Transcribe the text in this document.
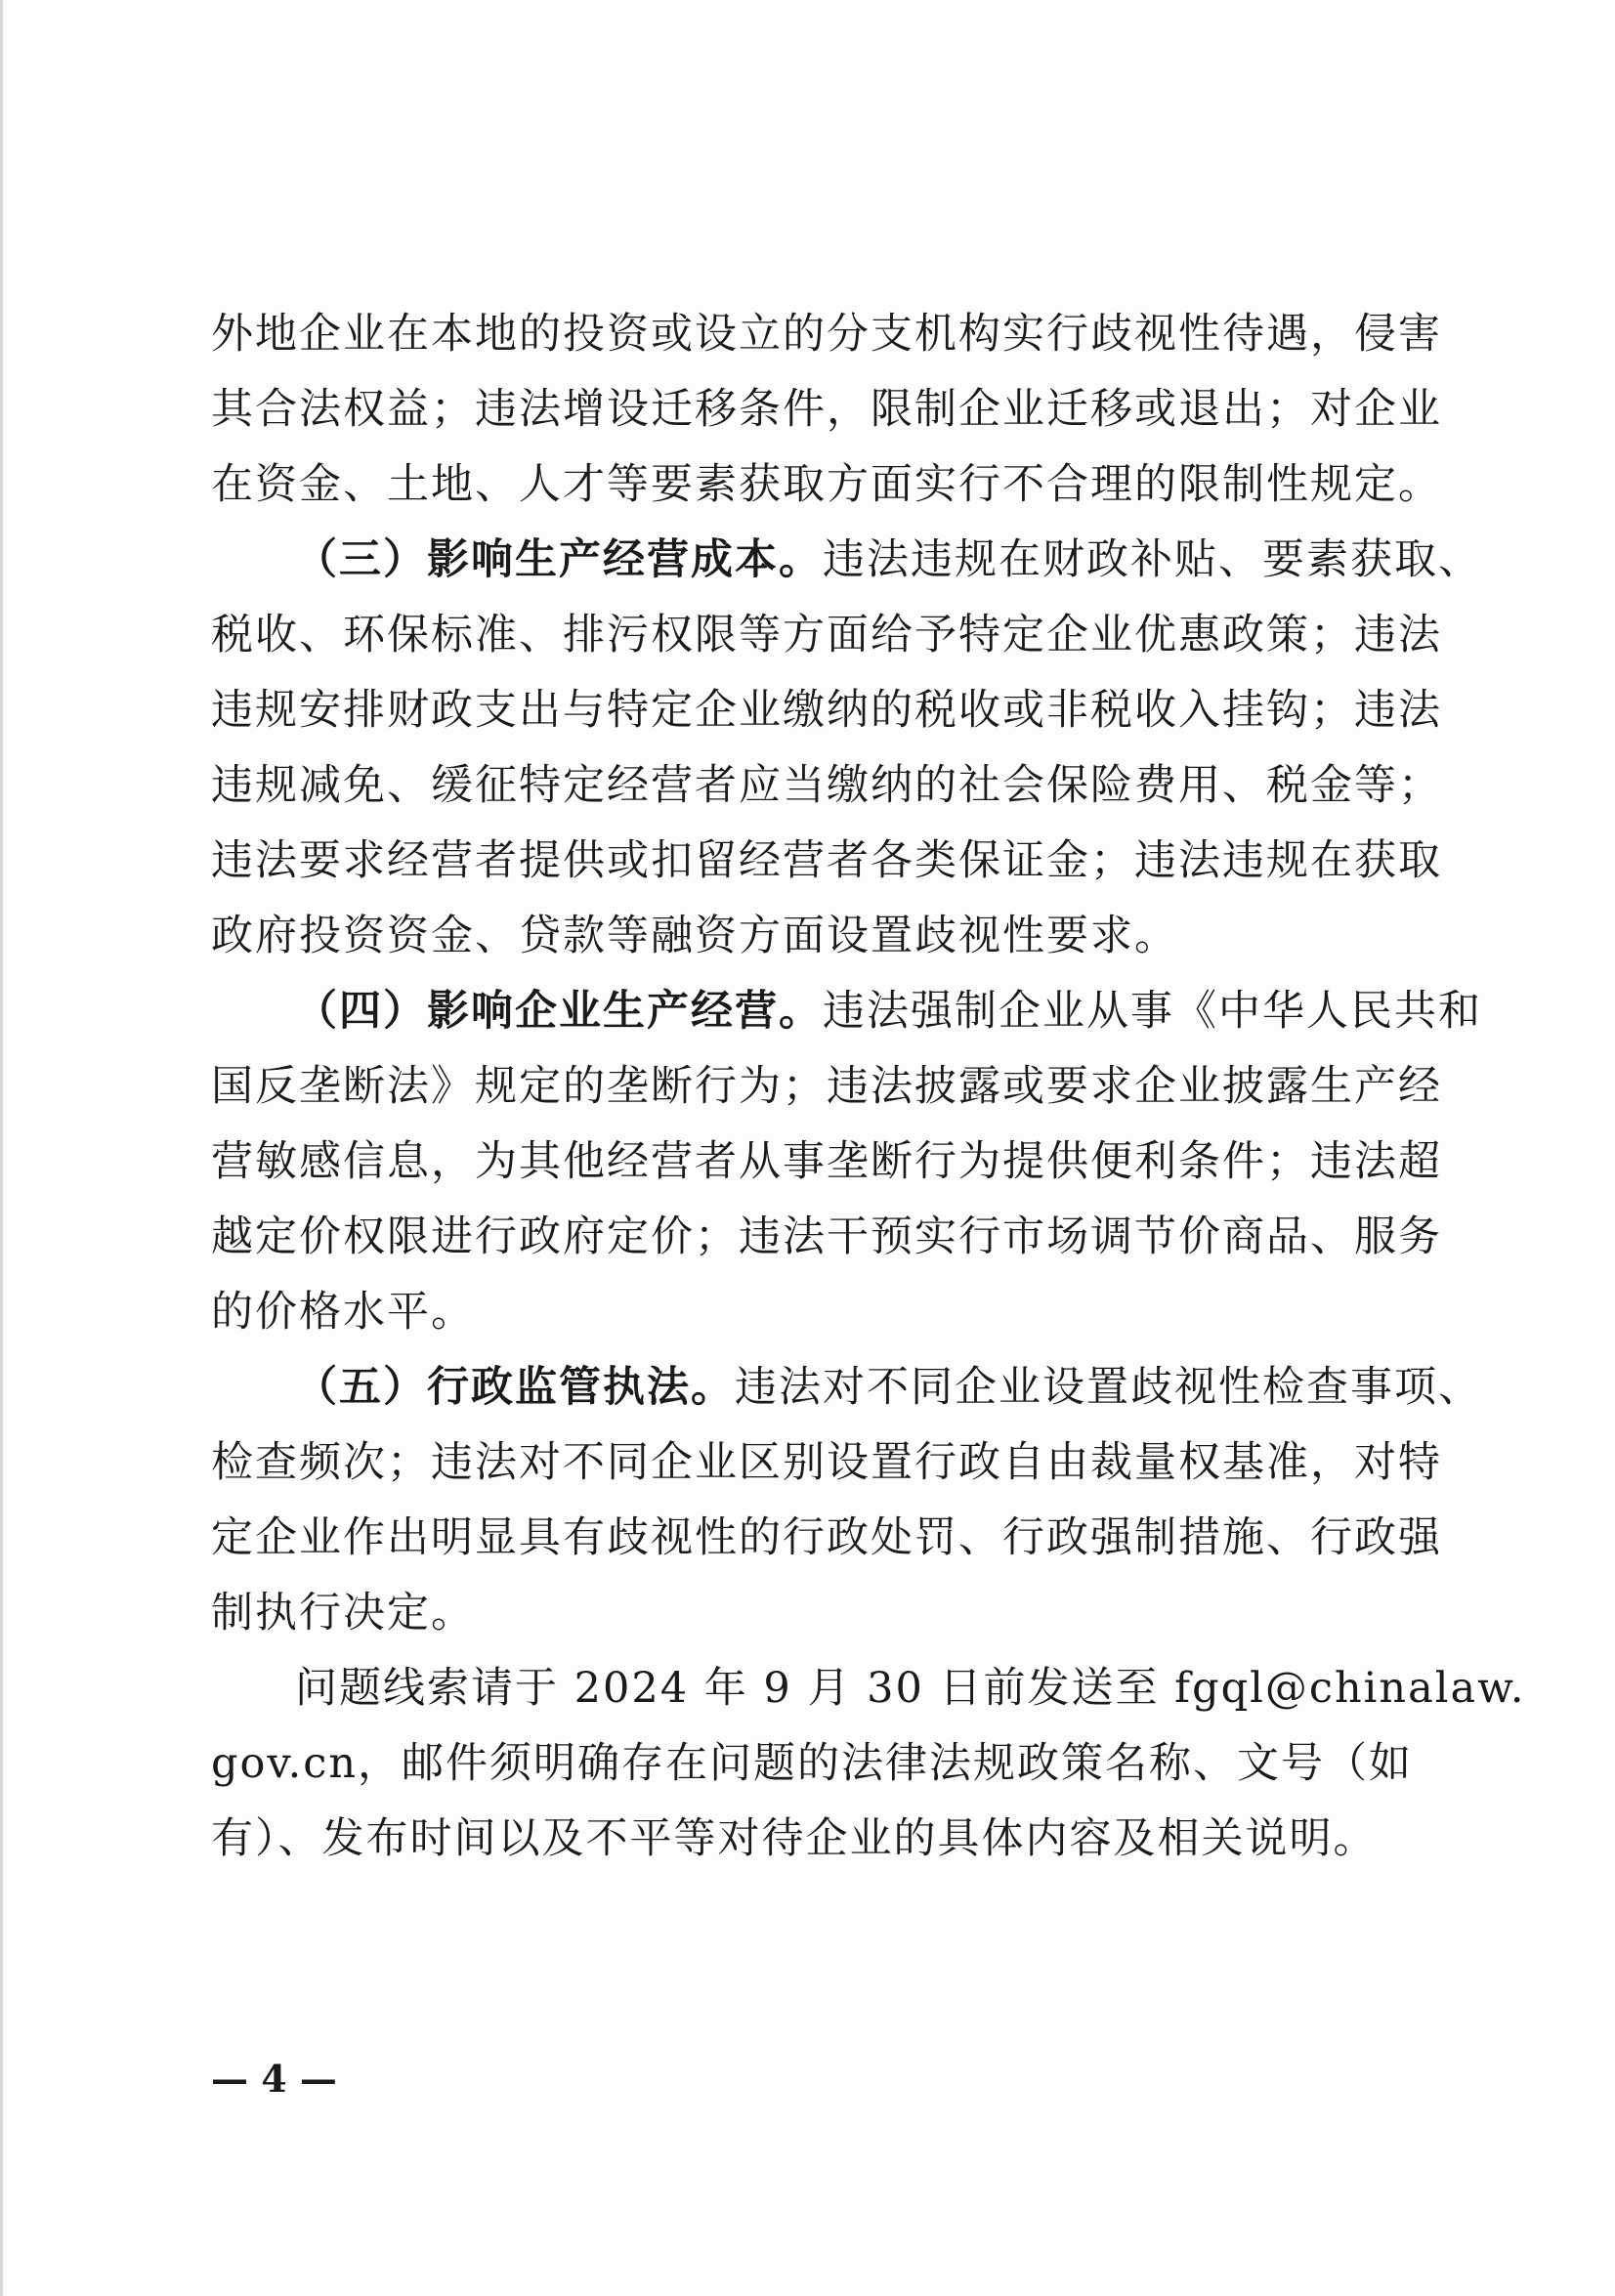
外地企业在本地的投资或设立的分支机构实行歧视性待遇，侵害
其合法权益；违法增设迁移条件，限制企业迁移或退出；对企业
在资金、土地、人才等要素获取方面实行不合理的限制性规定。
（三）影响生产经营成本。违法违规在财政补贴、要素获取、
税收、环保标准、排污权限等方面给予特定企业优惠政策；违法
违规安排财政支出与特定企业缴纳的税收或非税收入挂钩；违法
违规减免、缓征特定经营者应当缴纳的社会保险费用、税金等；
违法要求经营者提供或扣留经营者各类保证金；违法违规在获取
政府投资资金、贷款等融资方面设置歧视性要求。
（四）影响企业生产经营。违法强制企业从事《中华人民共和
国反垄断法》规定的垄断行为；违法披露或要求企业披露生产经
营敏感信息，为其他经营者从事垄断行为提供便利条件；违法超
越定价权限进行政府定价；违法干预实行市场调节价商品、服务
的价格水平。
（五）行政监管执法。违法对不同企业设置歧视性检查事项、
检查频次；违法对不同企业区别设置行政自由裁量权基准，对特
定企业作出明显具有歧视性的行政处罚、行政强制措施、行政强
制执行决定。
问题线索请于 2024 年 9 月 30 日前发送至 fgql@chinalaw.
gov.cn，邮件须明确存在问题的法律法规政策名称、文号（如
有）、发布时间以及不平等对待企业的具体内容及相关说明。
— 4 —
